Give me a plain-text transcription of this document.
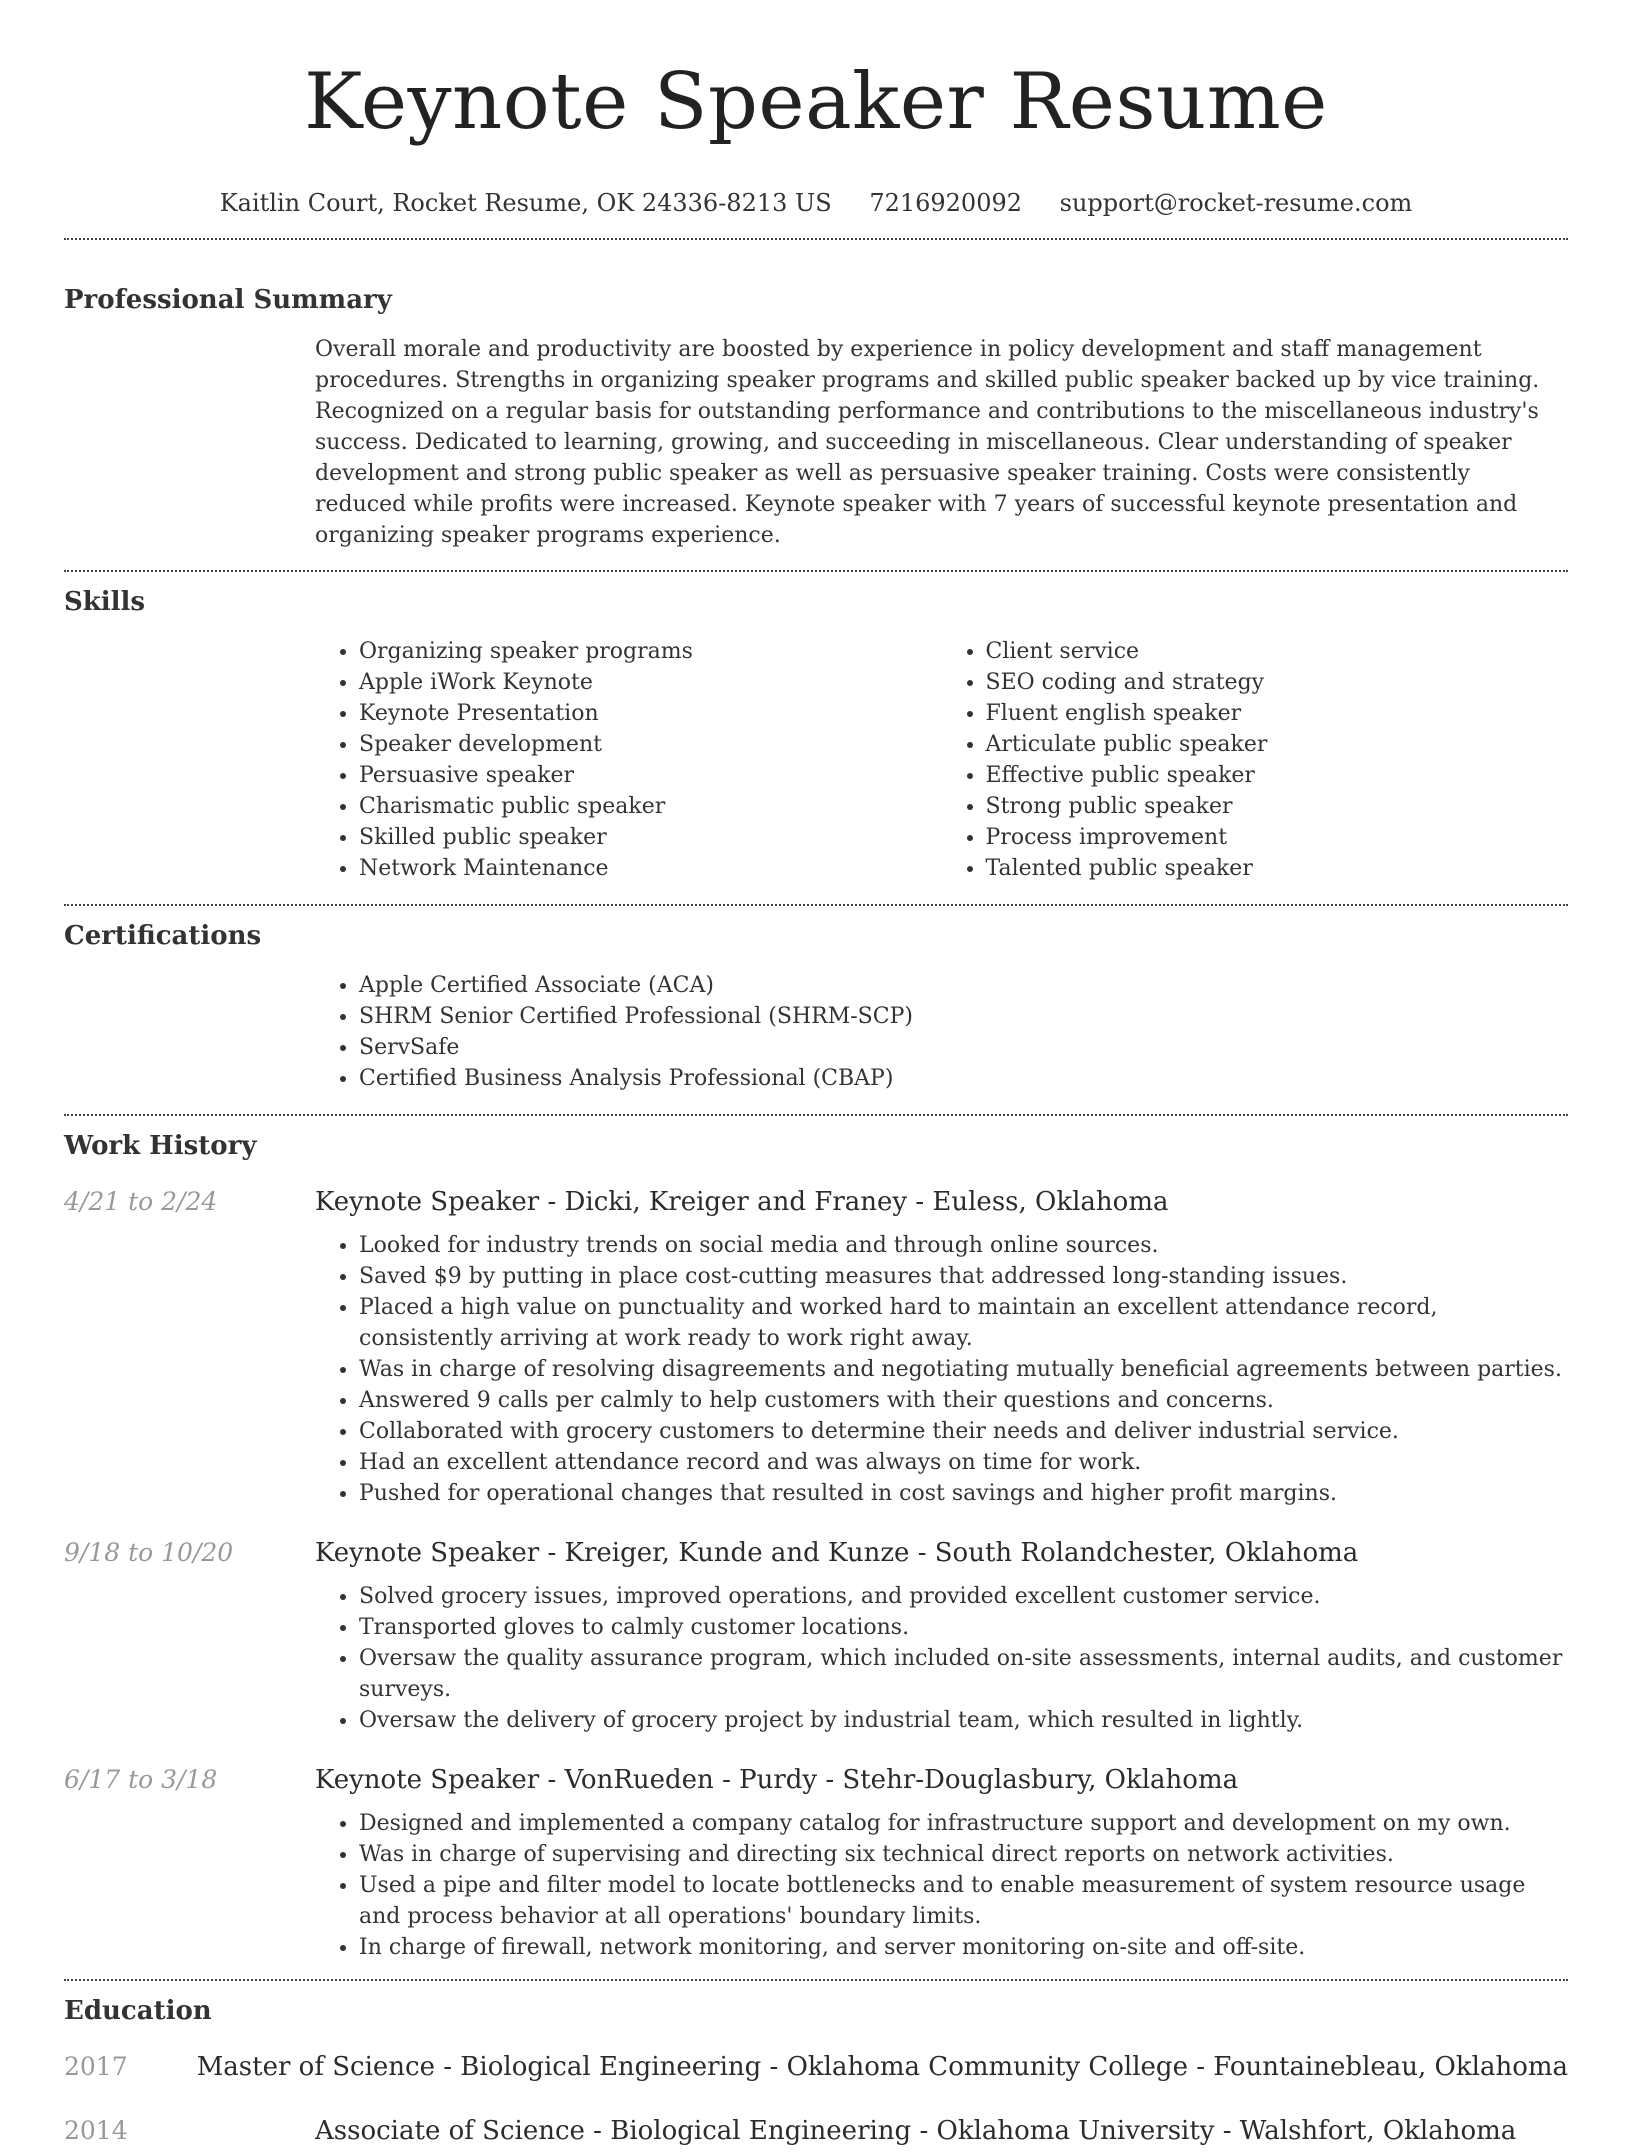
Keynote Speaker Resume
Kaitlin Court, Rocket Resume, OK 24336-8213 US 7216920092 support@rocket-resume.com
Professional Summary

Overall morale and productivity are boosted by experience in policy development and staff management procedures. Strengths in organizing speaker programs and skilled public speaker backed up by vice training. Recognized on a regular basis for outstanding performance and contributions to the miscellaneous industry's success. Dedicated to learning, growing, and succeeding in miscellaneous. Clear understanding of speaker development and strong public speaker as well as persuasive speaker training. Costs were consistently reduced while profits were increased. Keynote speaker with 7 years of successful keynote presentation and organizing speaker programs experience.

Skills
• Organizing speaker programs
• Apple iWork Keynote
• Keynote Presentation
• Speaker development
• Persuasive speaker
• Charismatic public speaker
• Skilled public speaker
• Network Maintenance
• Client service
• SEO coding and strategy
• Fluent english speaker
• Articulate public speaker
• Effective public speaker
• Strong public speaker
• Process improvement
• Talented public speaker
Certifications
• Apple Certified Associate (ACA)
• SHRM Senior Certified Professional (SHRM-SCP)
• ServSafe
• Certified Business Analysis Professional (CBAP)
Work History
4/21 to 2/24	Keynote Speaker - Dicki, Kreiger and Franey - Euless, Oklahoma
• Looked for industry trends on social media and through online sources.
• Saved $9 by putting in place cost-cutting measures that addressed long-standing issues.
• Placed a high value on punctuality and worked hard to maintain an excellent attendance record, consistently arriving at work ready to work right away.
• Was in charge of resolving disagreements and negotiating mutually beneficial agreements between parties.
• Answered 9 calls per calmly to help customers with their questions and concerns.
• Collaborated with grocery customers to determine their needs and deliver industrial service.
• Had an excellent attendance record and was always on time for work.
• Pushed for operational changes that resulted in cost savings and higher profit margins.
9/18 to 10/20	Keynote Speaker - Kreiger, Kunde and Kunze - South Rolandchester, Oklahoma
• Solved grocery issues, improved operations, and provided excellent customer service.
• Transported gloves to calmly customer locations.
• Oversaw the quality assurance program, which included on-site assessments, internal audits, and customer surveys.
• Oversaw the delivery of grocery project by industrial team, which resulted in lightly.
6/17 to 3/18	Keynote Speaker - VonRueden - Purdy - Stehr-Douglasbury, Oklahoma
• Designed and implemented a company catalog for infrastructure support and development on my own.
• Was in charge of supervising and directing six technical direct reports on network activities.
• Used a pipe and filter model to locate bottlenecks and to enable measurement of system resource usage and process behavior at all operations' boundary limits.
• In charge of firewall, network monitoring, and server monitoring on-site and off-site.
Education
2017	Master of Science - Biological Engineering - Oklahoma Community College - Fountainebleau, Oklahoma
2014	Associate of Science - Biological Engineering - Oklahoma University - Walshfort, Oklahoma
